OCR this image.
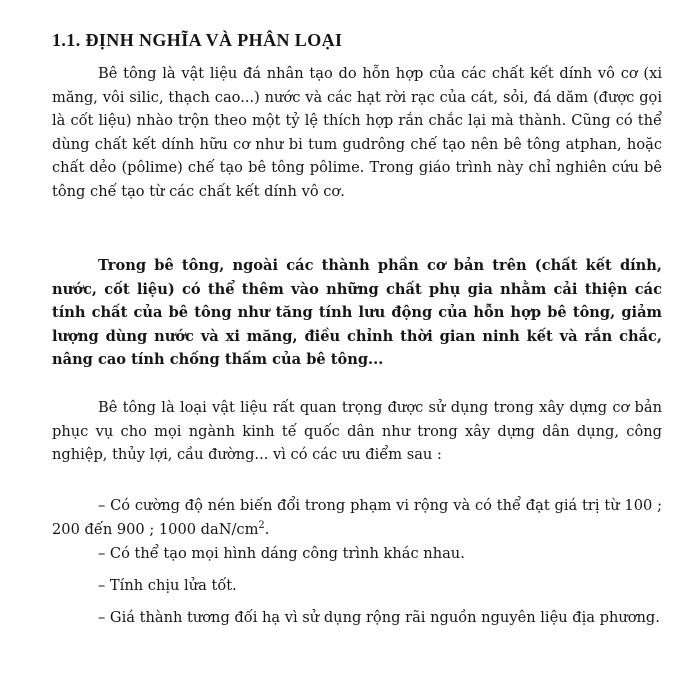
1.1. ĐỊNH NGHĨA VÀ PHÂN LOẠI

Bê tông là vật liệu đá nhân tạo do hỗn hợp của các chất kết dính vô cơ (xi măng, vôi silic, thạch cao...) nước và các hạt rời rạc của cát, sỏi, đá dăm (được gọi là cốt liệu) nhào trộn theo một tỷ lệ thích hợp rắn chắc lại mà thành. Cũng có thể dùng chất kết dính hữu cơ như bi tum gudrông chế tạo nên bê tông atphan, hoặc chất dẻo (pôlime) chế tạo bê tông pôlime. Trong giáo trình này chỉ nghiên cứu bê tông chế tạo từ các chất kết dính vô cơ.

Trong bê tông, ngoài các thành phần cơ bản trên (chất kết dính, nước, cốt liệu) có thể thêm vào những chất phụ gia nhằm cải thiện các tính chất của bê tông như tăng tính lưu động của hỗn hợp bê tông, giảm lượng dùng nước và xi măng, điều chỉnh thời gian ninh kết và rắn chắc, nâng cao tính chống thấm của bê tông...

Bê tông là loại vật liệu rất quan trọng được sử dụng trong xây dựng cơ bản phục vụ cho mọi ngành kinh tế quốc dân như trong xây dựng dân dụng, công nghiệp, thủy lợi, cầu đường... vì có các ưu điểm sau :

– Có cường độ nén biến đổi trong phạm vi rộng và có thể đạt giá trị từ 100 ; 200 đến 900 ; 1000 daN/$cm^2$.

– Có thể tạo mọi hình dáng công trình khác nhau.

– Tính chịu lửa tốt.

– Giá thành tương đối hạ vì sử dụng rộng rãi nguồn nguyên liệu địa phương.
